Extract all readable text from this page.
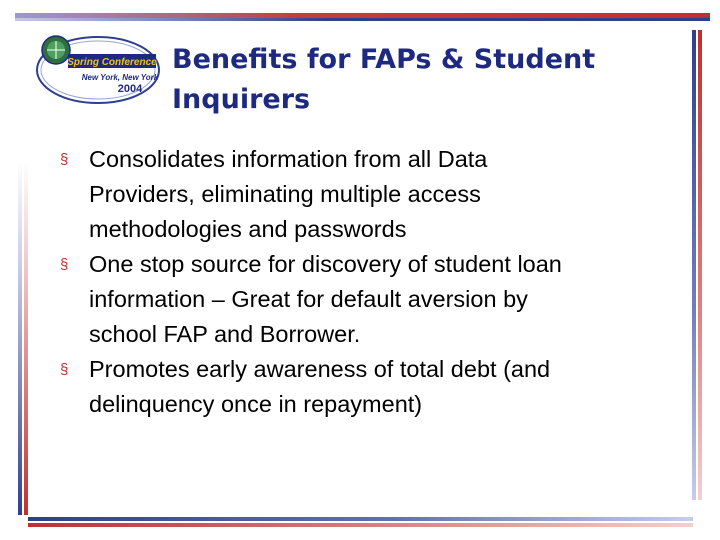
Spring Conference
New York, New York
2004
Benefits for FAPs & Student
Inquirers
§ Consolidates information from all Data
Providers, eliminating multiple access
methodologies and passwords
§ One stop source for discovery of student loan
information – Great for default aversion by
school FAP and Borrower.
§ Promotes early awareness of total debt (and
delinquency once in repayment)
